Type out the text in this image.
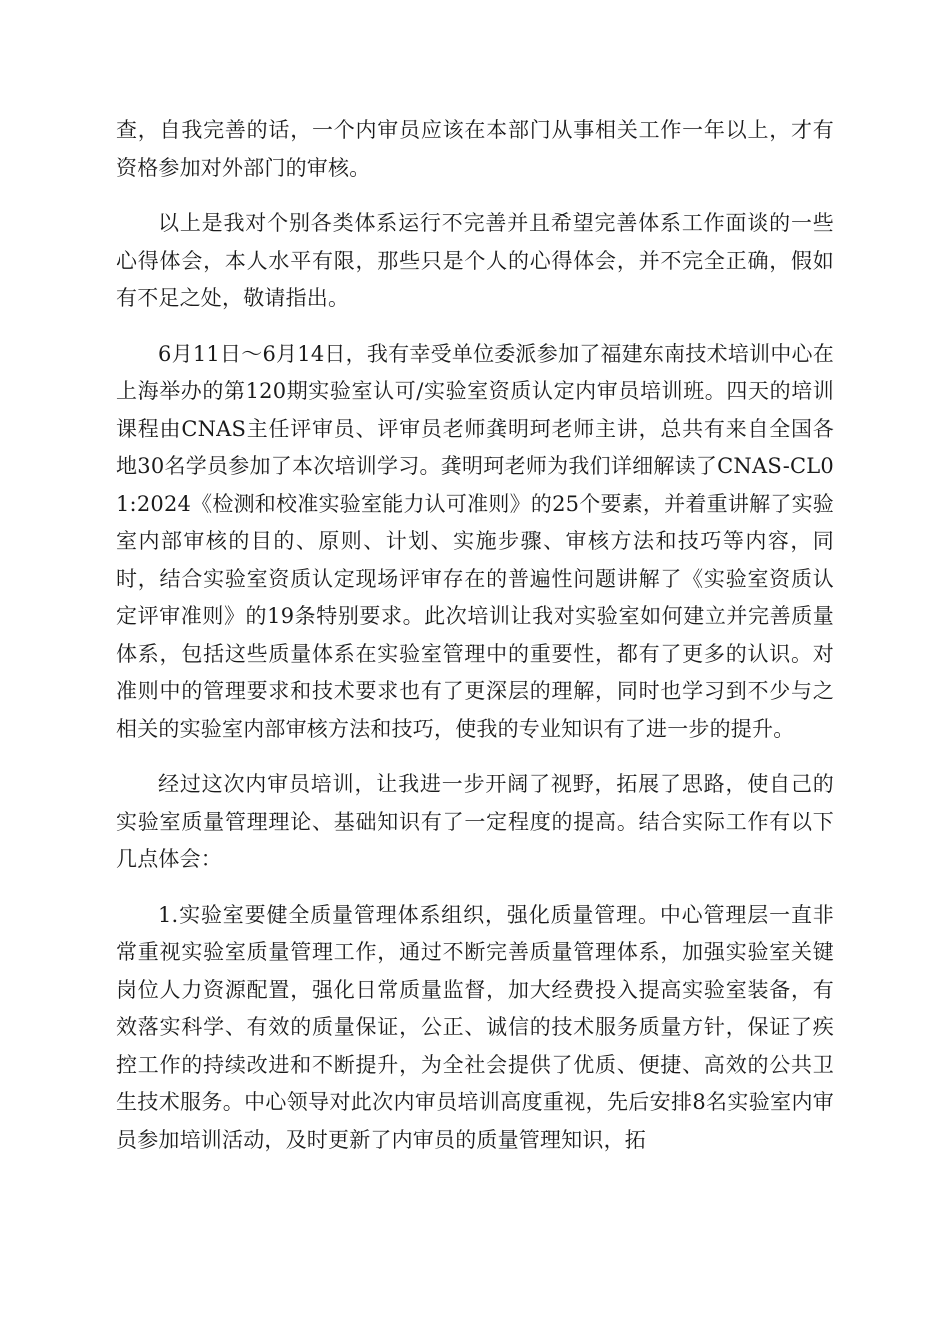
查，自我完善的话，一个内审员应该在本部门从事相关工作一年以上，才有资格参加对外部门的审核。

以上是我对个别各类体系运行不完善并且希望完善体系工作面谈的一些心得体会，本人水平有限，那些只是个人的心得体会，并不完全正确，假如有不足之处，敬请指出。

6月11日～6月14日，我有幸受单位委派参加了福建东南技术培训中心在上海举办的第120期实验室认可/实验室资质认定内审员培训班。四天的培训课程由CNAS主任评审员、评审员老师龚明珂老师主讲，总共有来自全国各地30名学员参加了本次培训学习。龚明珂老师为我们详细解读了CNAS-CL01:2024《检测和校准实验室能力认可准则》的25个要素，并着重讲解了实验室内部审核的目的、原则、计划、实施步骤、审核方法和技巧等内容，同时，结合实验室资质认定现场评审存在的普遍性问题讲解了《实验室资质认定评审准则》的19条特别要求。此次培训让我对实验室如何建立并完善质量体系，包括这些质量体系在实验室管理中的重要性，都有了更多的认识。对准则中的管理要求和技术要求也有了更深层的理解，同时也学习到不少与之相关的实验室内部审核方法和技巧，使我的专业知识有了进一步的提升。

经过这次内审员培训，让我进一步开阔了视野，拓展了思路，使自己的实验室质量管理理论、基础知识有了一定程度的提高。结合实际工作有以下几点体会：

1.实验室要健全质量管理体系组织，强化质量管理。中心管理层一直非常重视实验室质量管理工作，通过不断完善质量管理体系，加强实验室关键岗位人力资源配置，强化日常质量监督，加大经费投入提高实验室装备，有效落实科学、有效的质量保证，公正、诚信的技术服务质量方针，保证了疾控工作的持续改进和不断提升，为全社会提供了优质、便捷、高效的公共卫生技术服务。中心领导对此次内审员培训高度重视，先后安排8名实验室内审员参加培训活动，及时更新了内审员的质量管理知识，拓
